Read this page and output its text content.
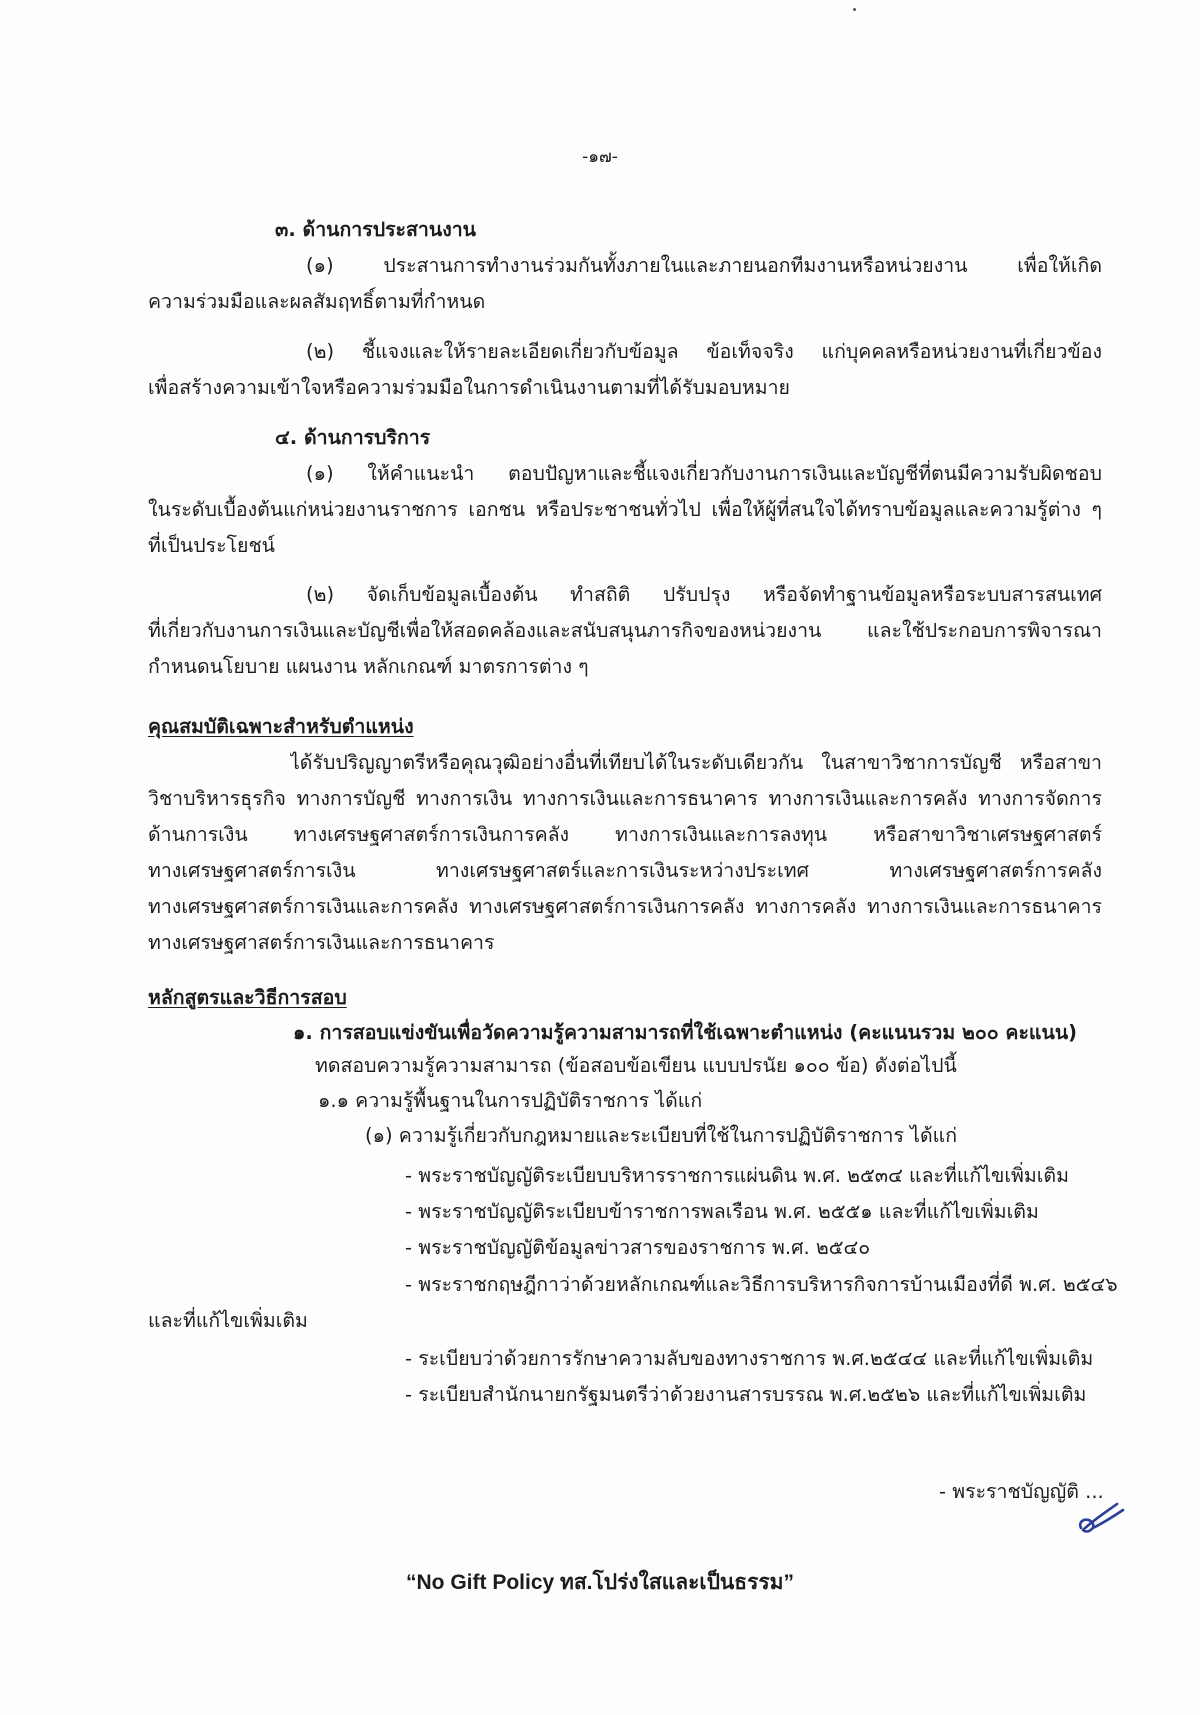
-๑๗-
๓. ด้านการประสานงาน
(๑) ประสานการทำงานร่วมกันทั้งภายในและภายนอกทีมงานหรือหน่วยงาน เพื่อให้เกิด
ความร่วมมือและผลสัมฤทธิ์ตามที่กำหนด
(๒) ชี้แจงและให้รายละเอียดเกี่ยวกับข้อมูล ข้อเท็จจริง แก่บุคคลหรือหน่วยงานที่เกี่ยวข้อง
เพื่อสร้างความเข้าใจหรือความร่วมมือในการดำเนินงานตามที่ได้รับมอบหมาย
๔. ด้านการบริการ
(๑) ให้คำแนะนำ ตอบปัญหาและชี้แจงเกี่ยวกับงานการเงินและบัญชีที่ตนมีความรับผิดชอบ
ในระดับเบื้องต้นแก่หน่วยงานราชการ เอกชน หรือประชาชนทั่วไป เพื่อให้ผู้ที่สนใจได้ทราบข้อมูลและความรู้ต่าง ๆ
ที่เป็นประโยชน์
(๒) จัดเก็บข้อมูลเบื้องต้น ทำสถิติ ปรับปรุง หรือจัดทำฐานข้อมูลหรือระบบสารสนเทศ
ที่เกี่ยวกับงานการเงินและบัญชีเพื่อให้สอดคล้องและสนับสนุนภารกิจของหน่วยงาน และใช้ประกอบการพิจารณา
กำหนดนโยบาย แผนงาน หลักเกณฑ์ มาตรการต่าง ๆ
คุณสมบัติเฉพาะสำหรับตำแหน่ง
ได้รับปริญญาตรีหรือคุณวุฒิอย่างอื่นที่เทียบได้ในระดับเดียวกัน ในสาขาวิชาการบัญชี หรือสาขา
วิชาบริหารธุรกิจ ทางการบัญชี ทางการเงิน ทางการเงินและการธนาคาร ทางการเงินและการคลัง ทางการจัดการ
ด้านการเงิน ทางเศรษฐศาสตร์การเงินการคลัง ทางการเงินและการลงทุน หรือสาขาวิชาเศรษฐศาสตร์
ทางเศรษฐศาสตร์การเงิน ทางเศรษฐศาสตร์และการเงินระหว่างประเทศ ทางเศรษฐศาสตร์การคลัง
ทางเศรษฐศาสตร์การเงินและการคลัง ทางเศรษฐศาสตร์การเงินการคลัง ทางการคลัง ทางการเงินและการธนาคาร
ทางเศรษฐศาสตร์การเงินและการธนาคาร
หลักสูตรและวิธีการสอบ
๑. การสอบแข่งขันเพื่อวัดความรู้ความสามารถที่ใช้เฉพาะตำแหน่ง (คะแนนรวม ๒๐๐ คะแนน)
ทดสอบความรู้ความสามารถ (ข้อสอบข้อเขียน แบบปรนัย ๑๐๐ ข้อ) ดังต่อไปนี้
๑.๑ ความรู้พื้นฐานในการปฏิบัติราชการ ได้แก่
(๑) ความรู้เกี่ยวกับกฎหมายและระเบียบที่ใช้ในการปฏิบัติราชการ ได้แก่
- พระราชบัญญัติระเบียบบริหารราชการแผ่นดิน พ.ศ. ๒๕๓๔ และที่แก้ไขเพิ่มเติม
- พระราชบัญญัติระเบียบข้าราชการพลเรือน พ.ศ. ๒๕๕๑ และที่แก้ไขเพิ่มเติม
- พระราชบัญญัติข้อมูลข่าวสารของราชการ พ.ศ. ๒๕๔๐
- พระราชกฤษฎีกาว่าด้วยหลักเกณฑ์และวิธีการบริหารกิจการบ้านเมืองที่ดี พ.ศ. ๒๕๔๖
และที่แก้ไขเพิ่มเติม
- ระเบียบว่าด้วยการรักษาความลับของทางราชการ พ.ศ.๒๕๔๔ และที่แก้ไขเพิ่มเติม
- ระเบียบสำนักนายกรัฐมนตรีว่าด้วยงานสารบรรณ พ.ศ.๒๕๒๖ และที่แก้ไขเพิ่มเติม
- พระราชบัญญัติ ...
“No Gift Policy ทส.โปร่งใสและเป็นธรรม”
